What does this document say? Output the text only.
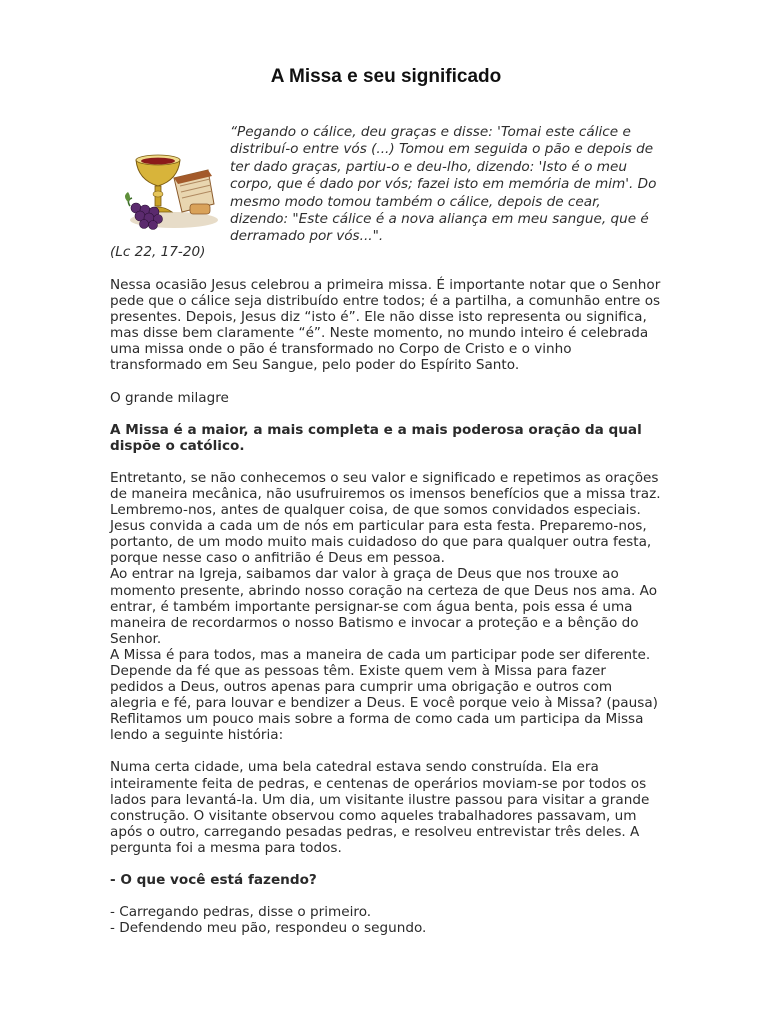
A Missa e seu significado

“Pegando o cálice, deu graças e disse: 'Tomai este cálice e distribuí-o entre vós (...) Tomou em seguida o pão e depois de ter dado graças, partiu-o e deu-lho, dizendo: 'Isto é o meu corpo, que é dado por vós; fazei isto em memória de mim'. Do mesmo modo tomou também o cálice, depois de cear, dizendo: "Este cálice é a nova aliança em meu sangue, que é derramado por vós...".

(Lc 22, 17-20)

Nessa ocasião Jesus celebrou a primeira missa. É importante notar que o Senhor pede que o cálice seja distribuído entre todos; é a partilha, a comunhão entre os presentes. Depois, Jesus diz “isto é”. Ele não disse isto representa ou significa, mas disse bem claramente “é”. Neste momento, no mundo inteiro é celebrada uma missa onde o pão é transformado no Corpo de Cristo e o vinho transformado em Seu Sangue, pelo poder do Espírito Santo.

O grande milagre

A Missa é a maior, a mais completa e a mais poderosa oração da qual dispõe o católico.

Entretanto, se não conhecemos o seu valor e significado e repetimos as orações de maneira mecânica, não usufruiremos os imensos benefícios que a missa traz.

Lembremo-nos, antes de qualquer coisa, de que somos convidados especiais. Jesus convida a cada um de nós em particular para esta festa. Preparemo-nos, portanto, de um modo muito mais cuidadoso do que para qualquer outra festa, porque nesse caso o anfitrião é Deus em pessoa.

Ao entrar na Igreja, saibamos dar valor à graça de Deus que nos trouxe ao momento presente, abrindo nosso coração na certeza de que Deus nos ama. Ao entrar, é também importante persignar-se com água benta, pois essa é uma maneira de recordarmos o nosso Batismo e invocar a proteção e a bênção do Senhor.

A Missa é para todos, mas a maneira de cada um participar pode ser diferente. Depende da fé que as pessoas têm. Existe quem vem à Missa para fazer pedidos a Deus, outros apenas para cumprir uma obrigação e outros com alegria e fé, para louvar e bendizer a Deus. E você porque veio à Missa? (pausa)

Reflitamos um pouco mais sobre a forma de como cada um participa da Missa lendo a seguinte história:

Numa certa cidade, uma bela catedral estava sendo construída. Ela era inteiramente feita de pedras, e centenas de operários moviam-se por todos os lados para levantá-la. Um dia, um visitante ilustre passou para visitar a grande construção. O visitante observou como aqueles trabalhadores passavam, um após o outro, carregando pesadas pedras, e resolveu entrevistar três deles. A pergunta foi a mesma para todos.

- O que você está fazendo?

- Carregando pedras, disse o primeiro.

- Defendendo meu pão, respondeu o segundo.
